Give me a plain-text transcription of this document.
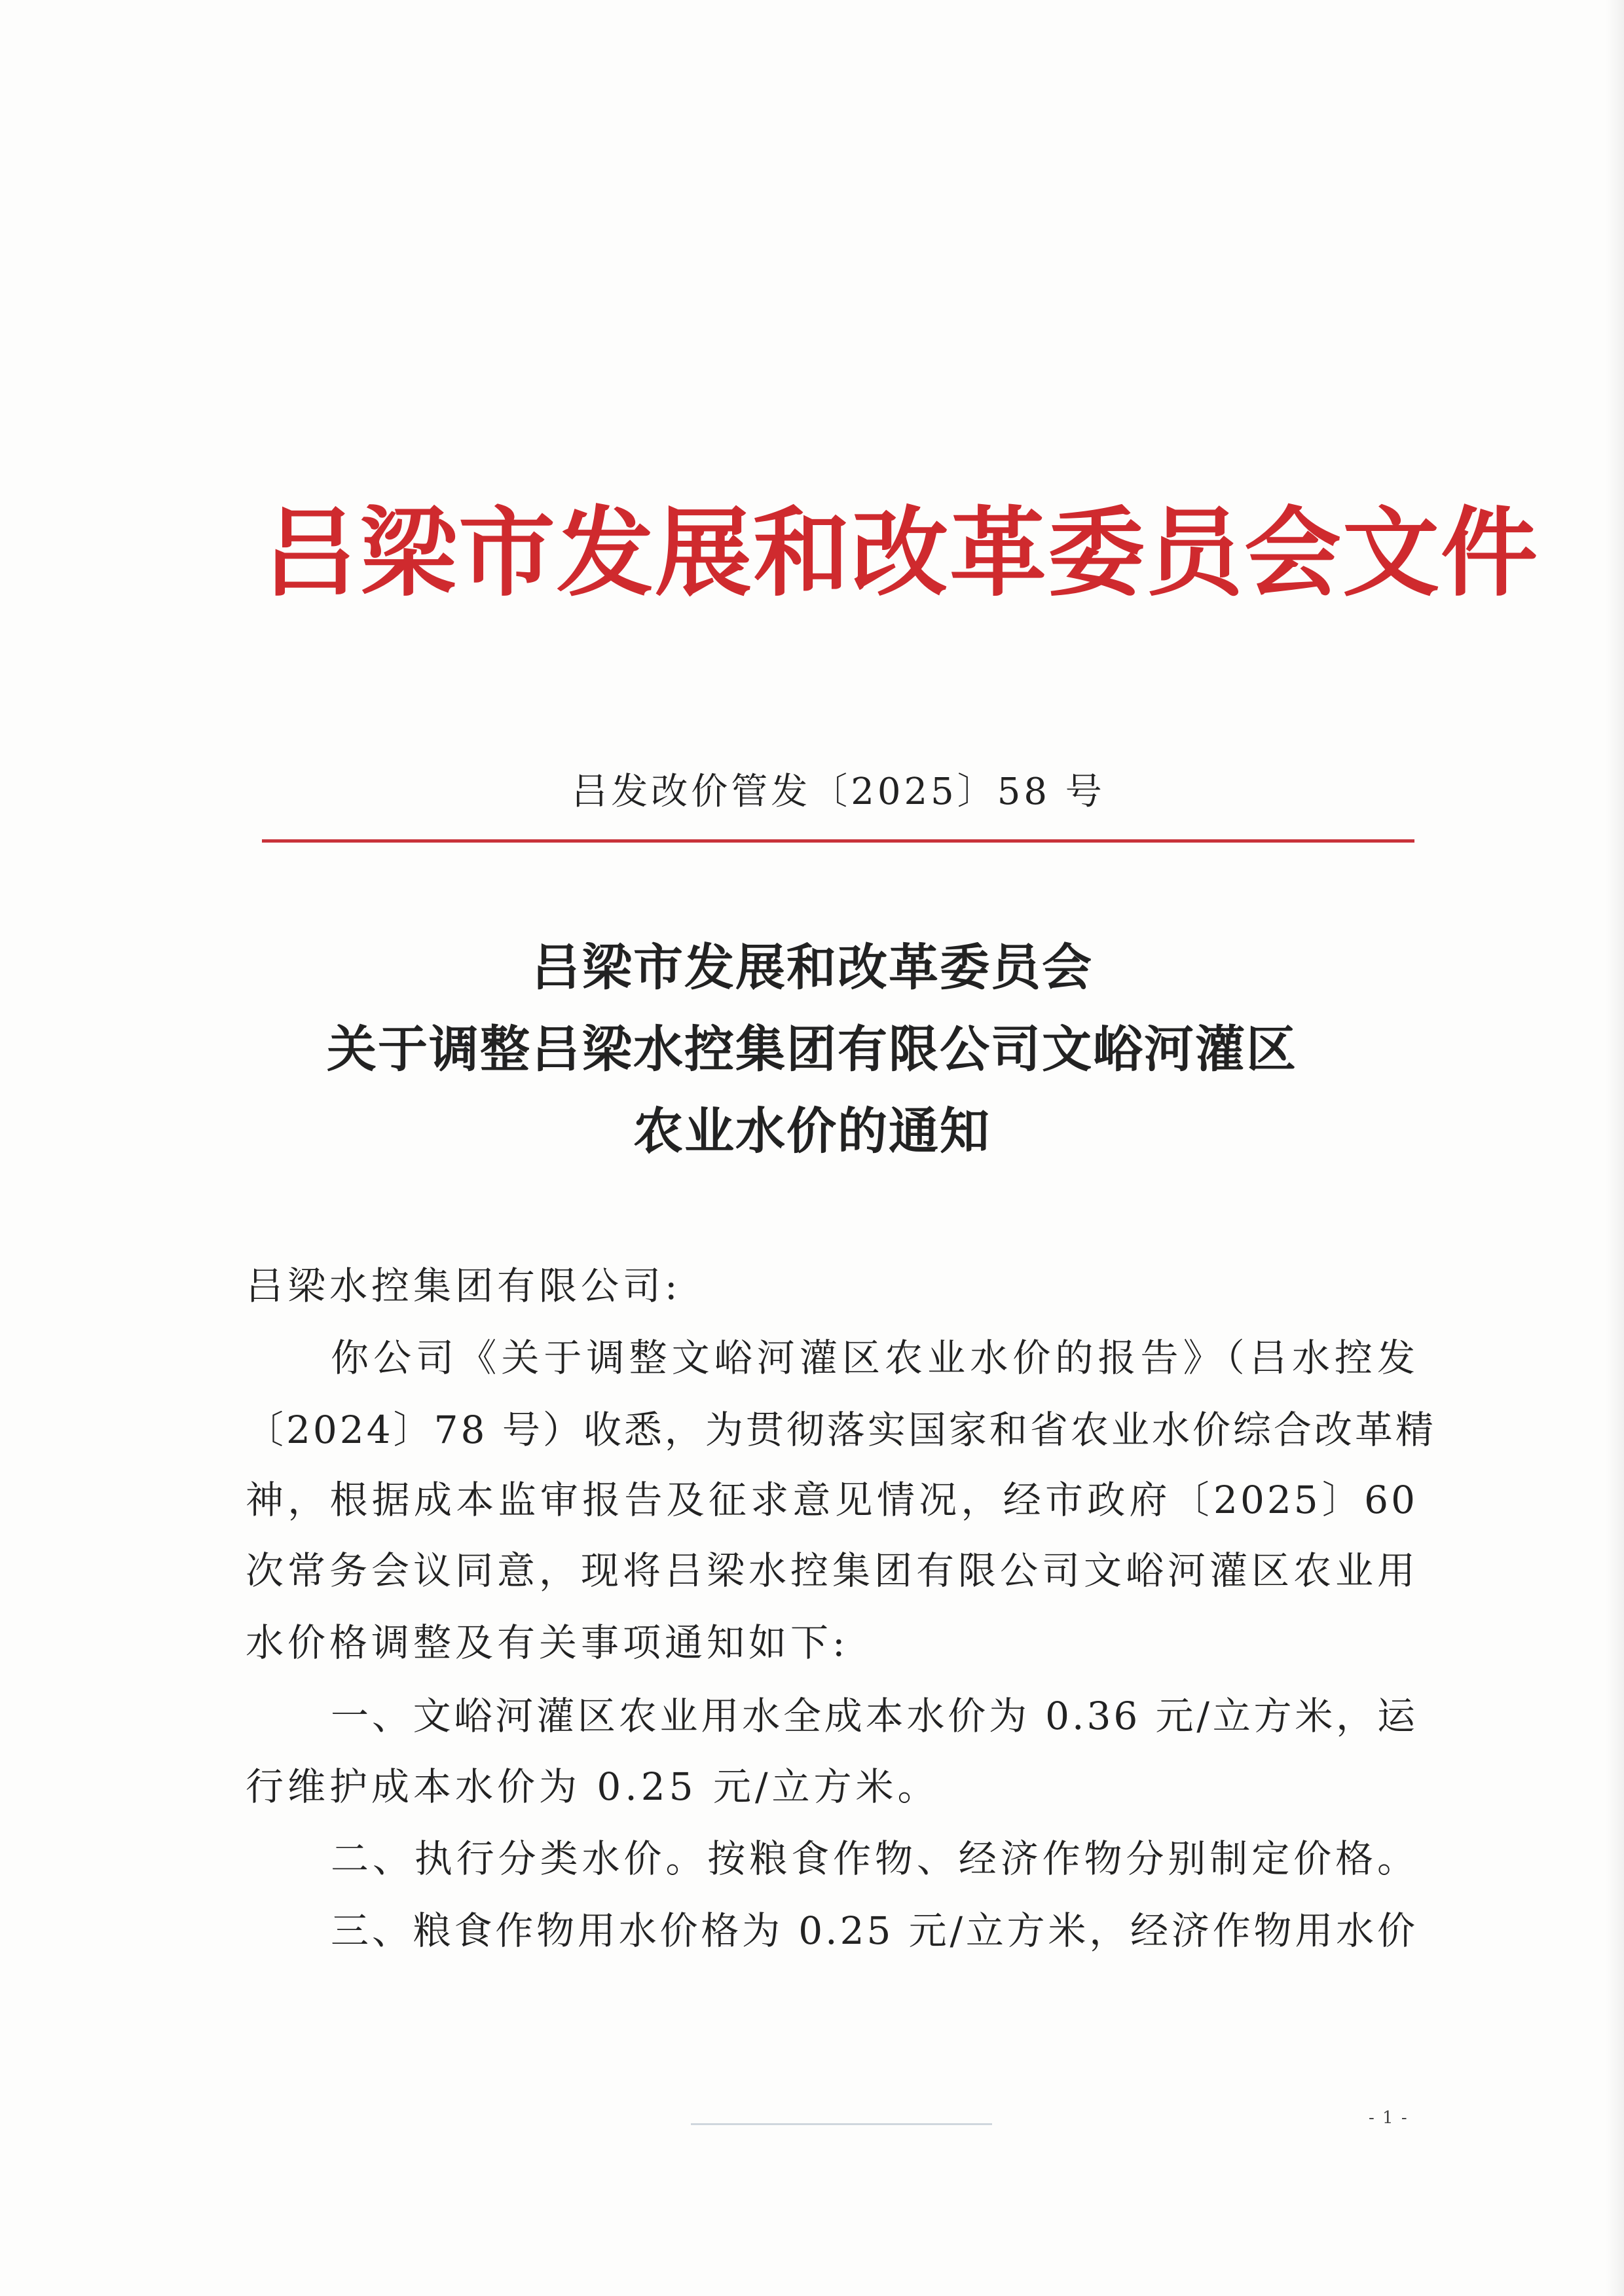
吕梁市发展和改革委员会文件
吕发改价管发〔2025〕58 号
吕梁市发展和改革委员会
关于调整吕梁水控集团有限公司文峪河灌区
农业水价的通知
吕梁水控集团有限公司:
你公司《关于调整文峪河灌区农业水价的报告》（吕水控发
〔2024〕78 号）收悉，为贯彻落实国家和省农业水价综合改革精
神，根据成本监审报告及征求意见情况，经市政府〔2025〕60
次常务会议同意，现将吕梁水控集团有限公司文峪河灌区农业用
水价格调整及有关事项通知如下:
一、文峪河灌区农业用水全成本水价为 0.36 元/立方米，运
行维护成本水价为 0.25 元/立方米。
二、执行分类水价。按粮食作物、经济作物分别制定价格。
三、粮食作物用水价格为 0.25 元/立方米，经济作物用水价
- 1 -
